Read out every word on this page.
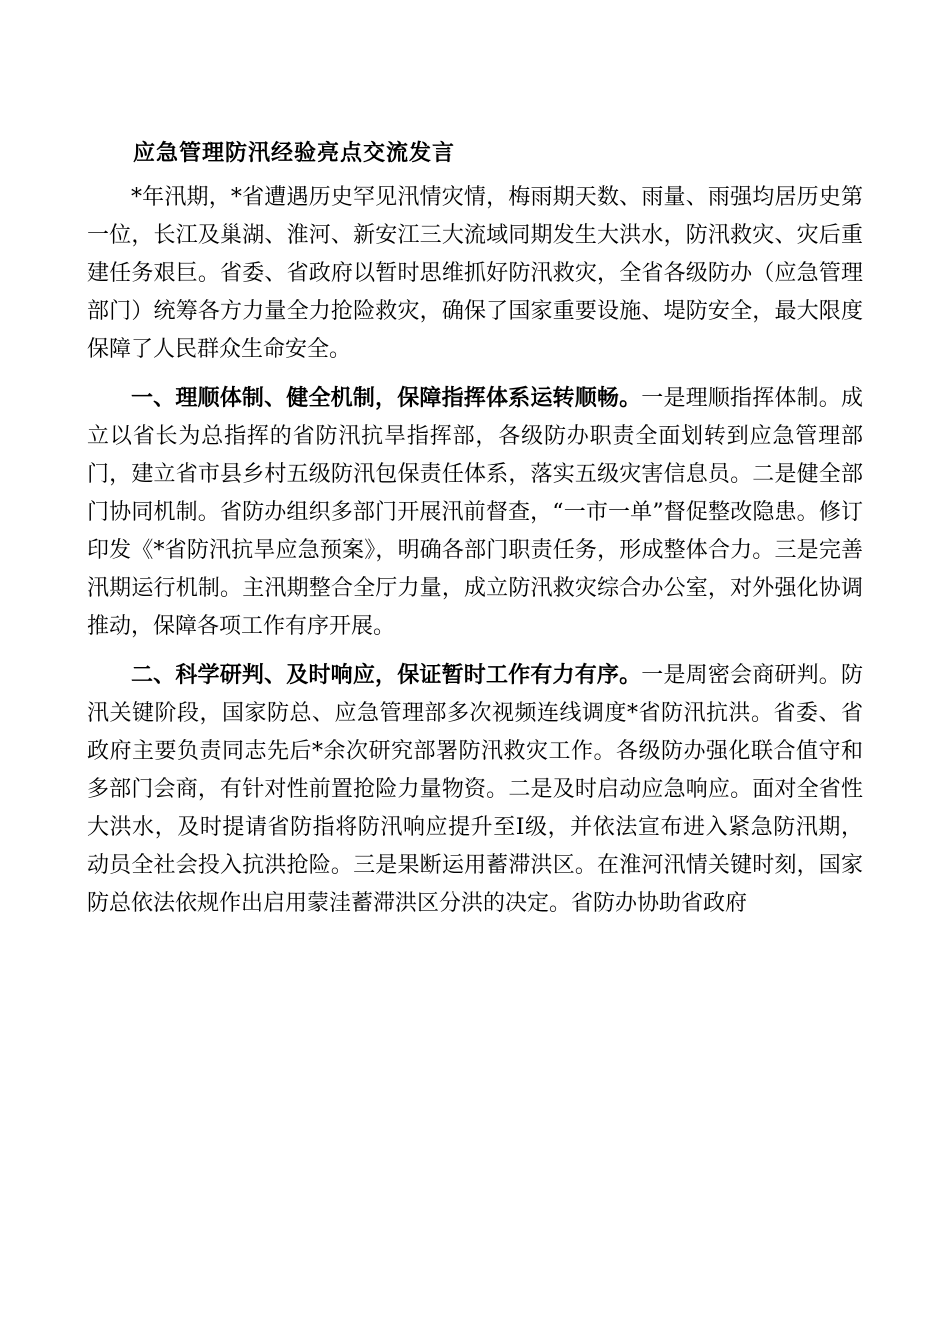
应急管理防汛经验亮点交流发言

*年汛期，*省遭遇历史罕见汛情灾情，梅雨期天数、雨量、雨强均居历史第一位，长江及巢湖、淮河、新安江三大流域同期发生大洪水，防汛救灾、灾后重建任务艰巨。省委、省政府以暂时思维抓好防汛救灾，全省各级防办（应急管理部门）统筹各方力量全力抢险救灾，确保了国家重要设施、堤防安全，最大限度保障了人民群众生命安全。

一、理顺体制、健全机制，保障指挥体系运转顺畅。一是理顺指挥体制。成立以省长为总指挥的省防汛抗旱指挥部，各级防办职责全面划转到应急管理部门，建立省市县乡村五级防汛包保责任体系，落实五级灾害信息员。二是健全部门协同机制。省防办组织多部门开展汛前督查，“一市一单”督促整改隐患。修订印发《*省防汛抗旱应急预案》，明确各部门职责任务，形成整体合力。三是完善汛期运行机制。主汛期整合全厅力量，成立防汛救灾综合办公室，对外强化协调推动，保障各项工作有序开展。

二、科学研判、及时响应，保证暂时工作有力有序。一是周密会商研判。防汛关键阶段，国家防总、应急管理部多次视频连线调度*省防汛抗洪。省委、省政府主要负责同志先后*余次研究部署防汛救灾工作。各级防办强化联合值守和多部门会商，有针对性前置抢险力量物资。二是及时启动应急响应。面对全省性大洪水，及时提请省防指将防汛响应提升至Ⅰ级，并依法宣布进入紧急防汛期，动员全社会投入抗洪抢险。三是果断运用蓄滞洪区。在淮河汛情关键时刻，国家防总依法依规作出启用蒙洼蓄滞洪区分洪的决定。省防办协助省政府
